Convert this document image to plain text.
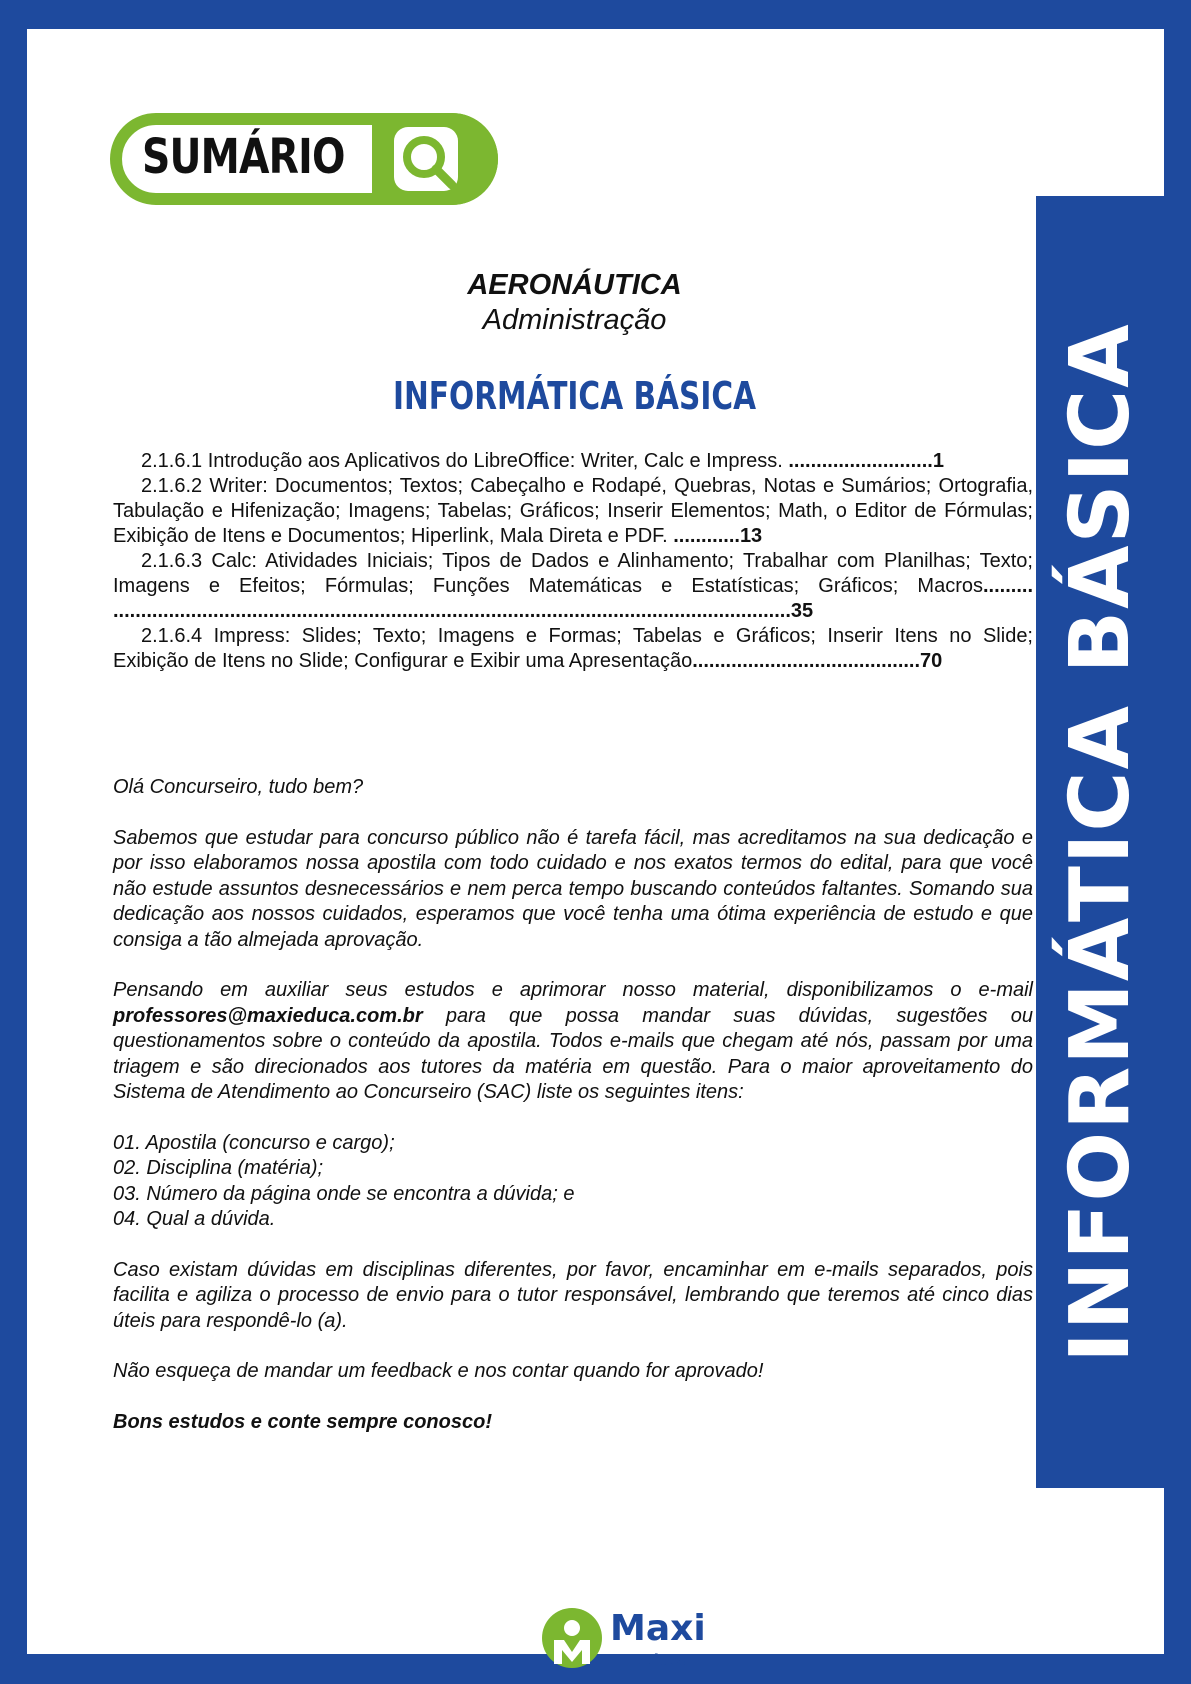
SUMÁRIO
AERONÁUTICA
Administração
INFORMÁTICA BÁSICA
2.1.6.1 Introdução aos Aplicativos do LibreOffice: Writer, Calc e Impress. ..........................1
2.1.6.2 Writer: Documentos; Textos; Cabeçalho e Rodapé, Quebras, Notas e Sumários; Ortografia, Tabulação e Hifenização; Imagens; Tabelas; Gráficos; Inserir Elementos; Math, o Editor de Fórmulas; Exibição de Itens e Documentos; Hiperlink, Mala Direta e PDF. ............13
2.1.6.3 Calc: Atividades Iniciais; Tipos de Dados e Alinhamento; Trabalhar com Planilhas; Texto; Imagens e Efeitos; Fórmulas; Funções Matemáticas e Estatísticas; Gráficos; Macros......... ..........................................................................................................................35
2.1.6.4 Impress: Slides; Texto; Imagens e Formas; Tabelas e Gráficos; Inserir Itens no Slide; Exibição de Itens no Slide; Configurar e Exibir uma Apresentação.........................................70

Olá Concurseiro, tudo bem?

Sabemos que estudar para concurso público não é tarefa fácil, mas acreditamos na sua dedicação e por isso elaboramos nossa apostila com todo cuidado e nos exatos termos do edital, para que você não estude assuntos desnecessários e nem perca tempo buscando conteúdos faltantes. Somando sua dedicação aos nossos cuidados, esperamos que você tenha uma ótima experiência de estudo e que consiga a tão almejada aprovação.

Pensando em auxiliar seus estudos e aprimorar nosso material, disponibilizamos o e-mail professores@maxieduca.com.br para que possa mandar suas dúvidas, sugestões ou questionamentos sobre o conteúdo da apostila. Todos e-mails que chegam até nós, passam por uma triagem e são direcionados aos tutores da matéria em questão. Para o maior aproveitamento do Sistema de Atendimento ao Concurseiro (SAC) liste os seguintes itens:

01. Apostila (concurso e cargo);
02. Disciplina (matéria);
03. Número da página onde se encontra a dúvida; e
04. Qual a dúvida.

Caso existam dúvidas em disciplinas diferentes, por favor, encaminhar em e-mails separados, pois facilita e agiliza o processo de envio para o tutor responsável, lembrando que teremos até cinco dias úteis para respondê-lo (a).

Não esqueça de mandar um feedback e nos contar quando for aprovado!

Bons estudos e conte sempre conosco!

Maxi
educa
INFORMÁTICA BÁSICA
